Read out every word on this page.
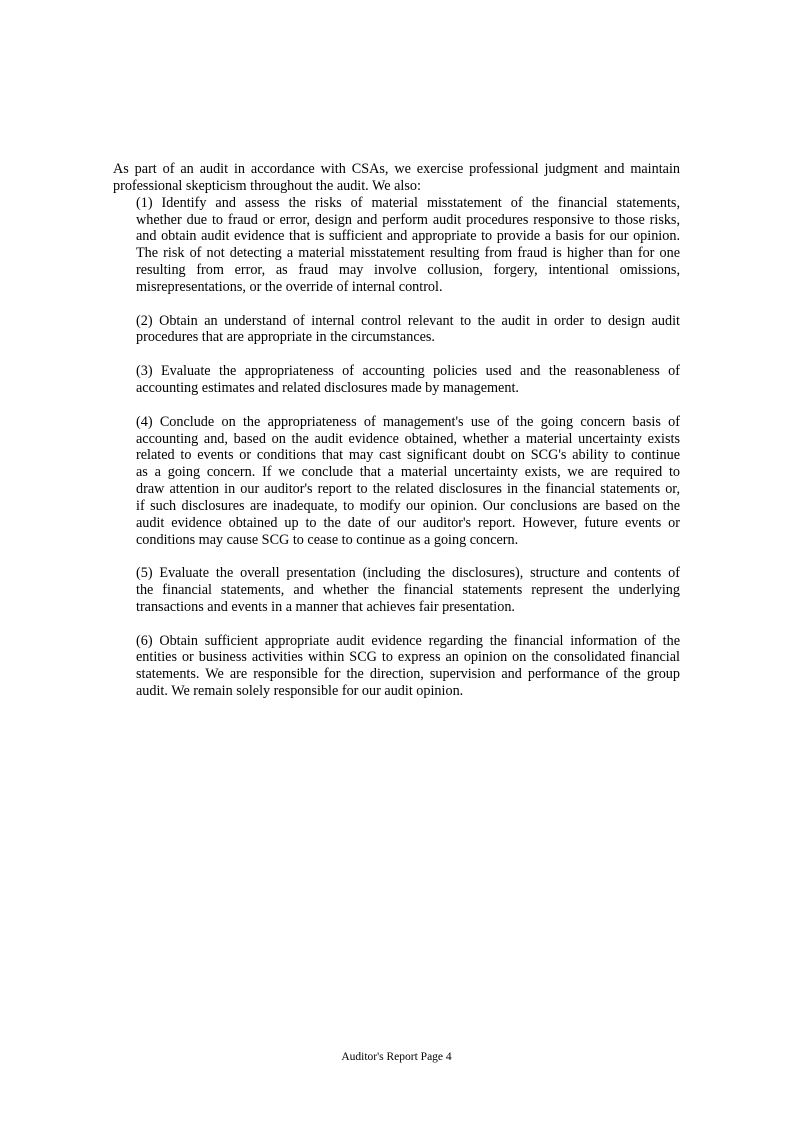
As part of an audit in accordance with CSAs, we exercise professional judgment and maintain
professional skepticism throughout the audit. We also:
(1) Identify and assess the risks of material misstatement of the financial statements,
whether due to fraud or error, design and perform audit procedures responsive to those risks,
and obtain audit evidence that is sufficient and appropriate to provide a basis for our opinion.
The risk of not detecting a material misstatement resulting from fraud is higher than for one
resulting from error, as fraud may involve collusion, forgery, intentional omissions,
misrepresentations, or the override of internal control.
(2) Obtain an understand of internal control relevant to the audit in order to design audit
procedures that are appropriate in the circumstances.
(3) Evaluate the appropriateness of accounting policies used and the reasonableness of
accounting estimates and related disclosures made by management.
(4) Conclude on the appropriateness of management's use of the going concern basis of
accounting and, based on the audit evidence obtained, whether a material uncertainty exists
related to events or conditions that may cast significant doubt on SCG's ability to continue
as a going concern. If we conclude that a material uncertainty exists, we are required to
draw attention in our auditor's report to the related disclosures in the financial statements or,
if such disclosures are inadequate, to modify our opinion. Our conclusions are based on the
audit evidence obtained up to the date of our auditor's report. However, future events or
conditions may cause SCG to cease to continue as a going concern.
(5) Evaluate the overall presentation (including the disclosures), structure and contents of
the financial statements, and whether the financial statements represent the underlying
transactions and events in a manner that achieves fair presentation.
(6) Obtain sufficient appropriate audit evidence regarding the financial information of the
entities or business activities within SCG to express an opinion on the consolidated financial
statements. We are responsible for the direction, supervision and performance of the group
audit. We remain solely responsible for our audit opinion.
Auditor's Report Page 4
